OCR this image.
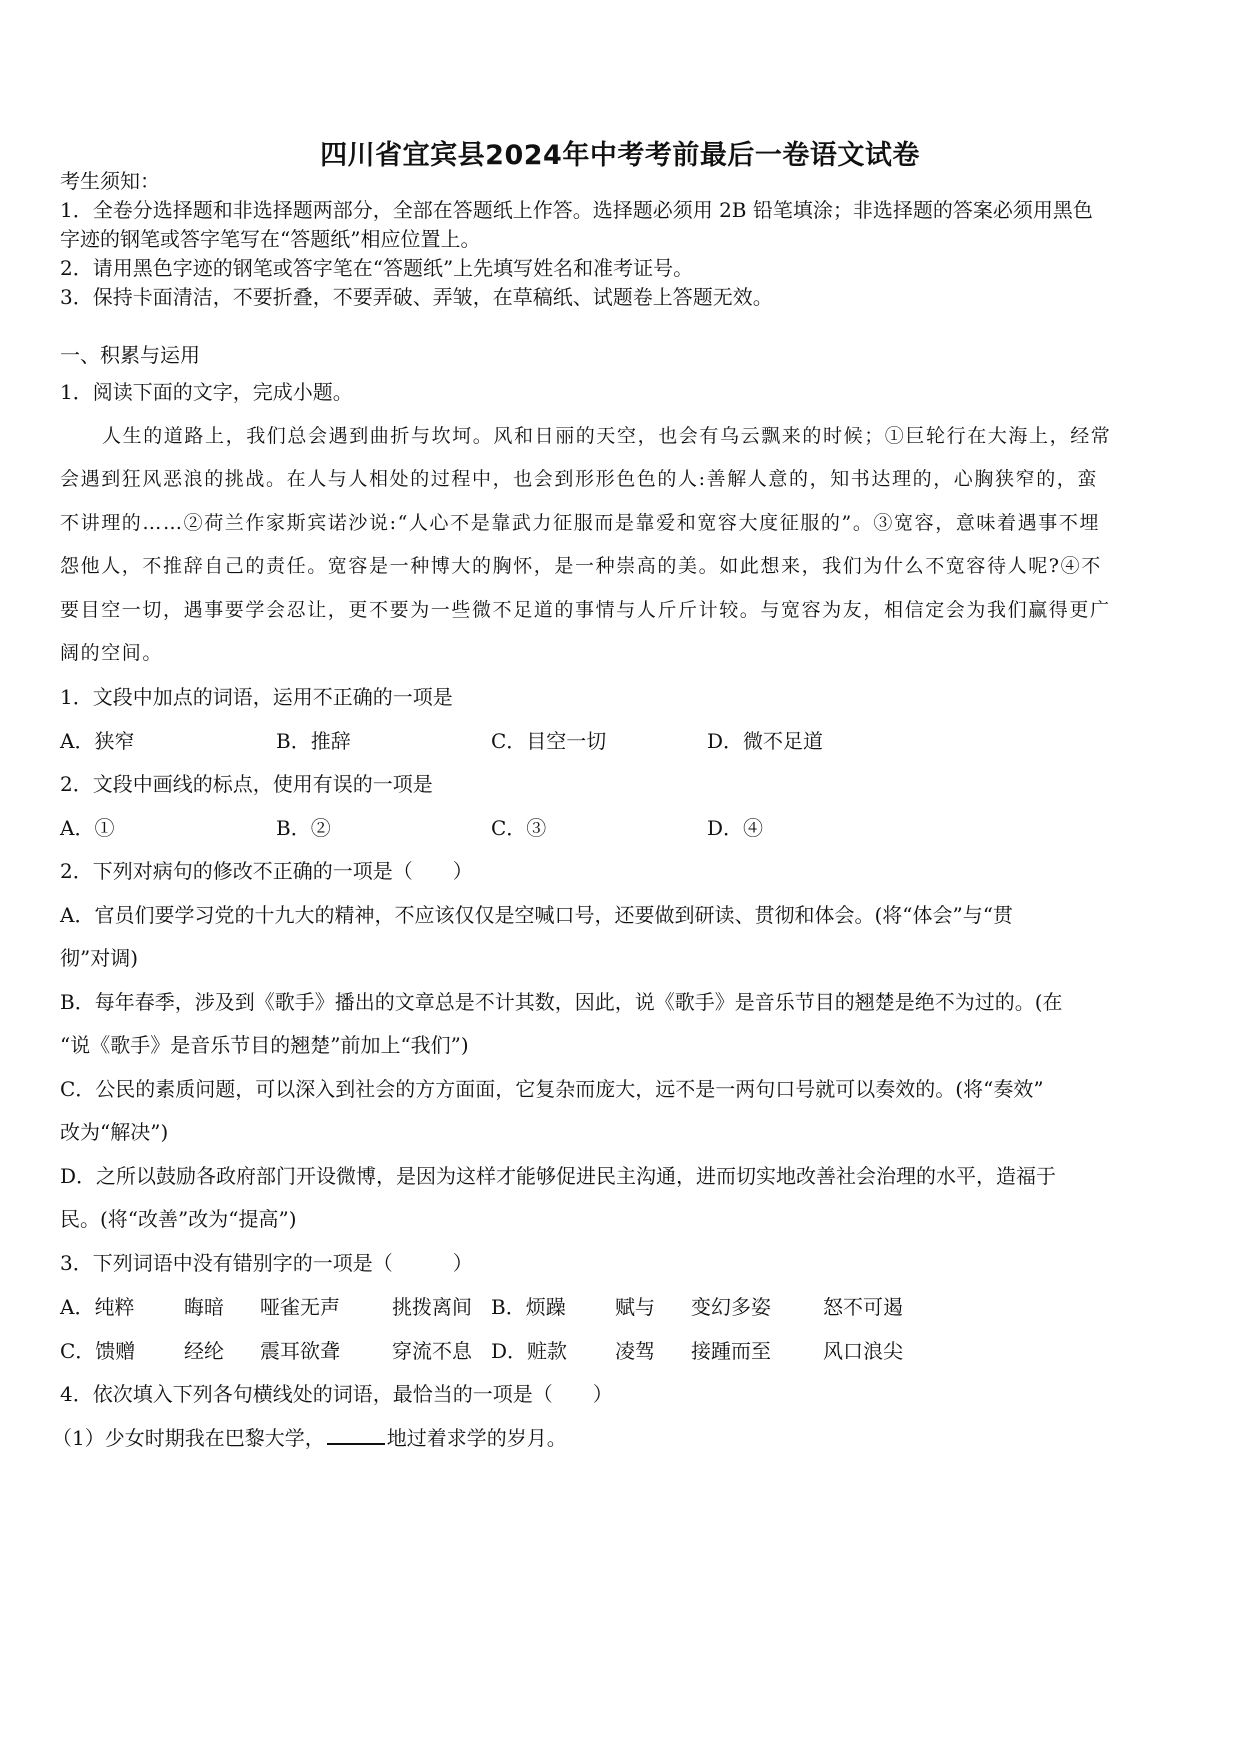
四川省宜宾县2024年中考考前最后一卷语文试卷
考生须知：
1．全卷分选择题和非选择题两部分，全部在答题纸上作答。选择题必须用 2B 铅笔填涂；非选择题的答案必须用黑色
字迹的钢笔或答字笔写在“答题纸”相应位置上。
2．请用黑色字迹的钢笔或答字笔在“答题纸”上先填写姓名和准考证号。
3．保持卡面清洁，不要折叠，不要弄破、弄皱，在草稿纸、试题卷上答题无效。
一、积累与运用
1．阅读下面的文字，完成小题。
人生的道路上，我们总会遇到曲折与坎坷。风和日丽的天空，也会有乌云飘来的时候；①巨轮行在大海上，经常
会遇到狂风恶浪的挑战。在人与人相处的过程中，也会到形形色色的人:善解人意的，知书达理的，心胸狭窄的，蛮
不讲理的……②荷兰作家斯宾诺沙说:“人心不是靠武力征服而是靠爱和宽容大度征服的”。③宽容，意味着遇事不埋
怨他人，不推辞自己的责任。宽容是一种博大的胸怀，是一种崇高的美。如此想来，我们为什么不宽容待人呢?④不
要目空一切，遇事要学会忍让，更不要为一些微不足道的事情与人斤斤计较。与宽容为友，相信定会为我们赢得更广
阔的空间。
1．文段中加点的词语，运用不正确的一项是
A．狭窄	B．推辞	C．目空一切	D．微不足道
2．文段中画线的标点，使用有误的一项是
A．①	B．②	C．③	D．④
2．下列对病句的修改不正确的一项是（　　）
A．官员们要学习党的十九大的精神，不应该仅仅是空喊口号，还要做到研读、贯彻和体会。(将“体会”与“贯
彻”对调)
B．每年春季，涉及到《歌手》播出的文章总是不计其数，因此，说《歌手》是音乐节目的翘楚是绝不为过的。(在
“说《歌手》是音乐节目的翘楚”前加上“我们”)
C．公民的素质问题，可以深入到社会的方方面面，它复杂而庞大，远不是一两句口号就可以奏效的。(将“奏效”
改为“解决”)
D．之所以鼓励各政府部门开设微博，是因为这样才能够促进民主沟通，进而切实地改善社会治理的水平，造福于
民。(将“改善”改为“提高”)
3．下列词语中没有错别字的一项是（　　　）
A．纯粹 晦暗 哑雀无声	挑拨离间 B．烦躁 赋与 变幻多姿	怒不可遏
C．馈赠 经纶 震耳欲聋	穿流不息 D．赃款 凌驾 接踵而至	风口浪尖
4．依次填入下列各句横线处的词语，最恰当的一项是（　　）
（1）少女时期我在巴黎大学，	地过着求学的岁月。
